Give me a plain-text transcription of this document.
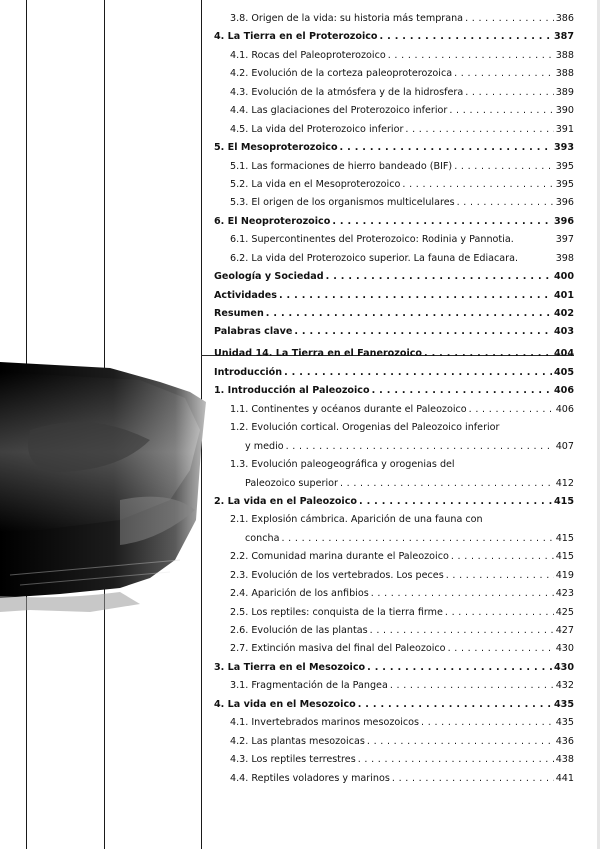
3.8. Origen de la vida: su historia más temprana . . .	386
4. La Tierra en el Proterozoico . . .	387
4.1. Rocas del Paleoproterozoico . . .	388
4.2. Evolución de la corteza paleoproterozoica . . .	388
4.3. Evolución de la atmósfera y de la hidrosfera . . .	389
4.4. Las glaciaciones del Proterozoico inferior . . .	390
4.5. La vida del Proterozoico inferior . . .	391
5. El Mesoproterozoico . . .	393
5.1. Las formaciones de hierro bandeado (BIF) . . .	395
5.2. La vida en el Mesoproterozoico . . .	395
5.3. El origen de los organismos multicelulares . . .	396
6. El Neoproterozoico . . .	396
6.1. Supercontinentes del Proterozoico: Rodinia y Pannotia.	397
6.2. La vida del Proterozoico superior. La fauna de Ediacara.	398
Geología y Sociedad . . .	400
Actividades . . .	401
Resumen . . .	402
Palabras clave . . .	403
Unidad 14. La Tierra en el Fanerozoico . . .	404
Introducción . . .	405
1. Introducción al Paleozoico . . .	406
1.1. Continentes y océanos durante el Paleozoico . . .	406
1.2. Evolución cortical. Orogenias del Paleozoico inferior
y medio . . .	407
1.3. Evolución paleogeográfica y orogenias del
Paleozoico superior . . .	412
2. La vida en el Paleozoico . . .	415
2.1. Explosión cámbrica. Aparición de una fauna con
concha . . .	415
2.2. Comunidad marina durante el Paleozoico . . .	415
2.3. Evolución de los vertebrados. Los peces . . .	419
2.4. Aparición de los anfibios . . .	423
2.5. Los reptiles: conquista de la tierra firme . . .	425
2.6. Evolución de las plantas . . .	427
2.7. Extinción masiva del final del Paleozoico . . .	430
3. La Tierra en el Mesozoico . . .	430
3.1. Fragmentación de la Pangea . . .	432
4. La vida en el Mesozoico . . .	435
4.1. Invertebrados marinos mesozoicos . . .	435
4.2. Las plantas mesozoicas . . .	436
4.3. Los reptiles terrestres . . .	438
4.4. Reptiles voladores y marinos . . .	441
